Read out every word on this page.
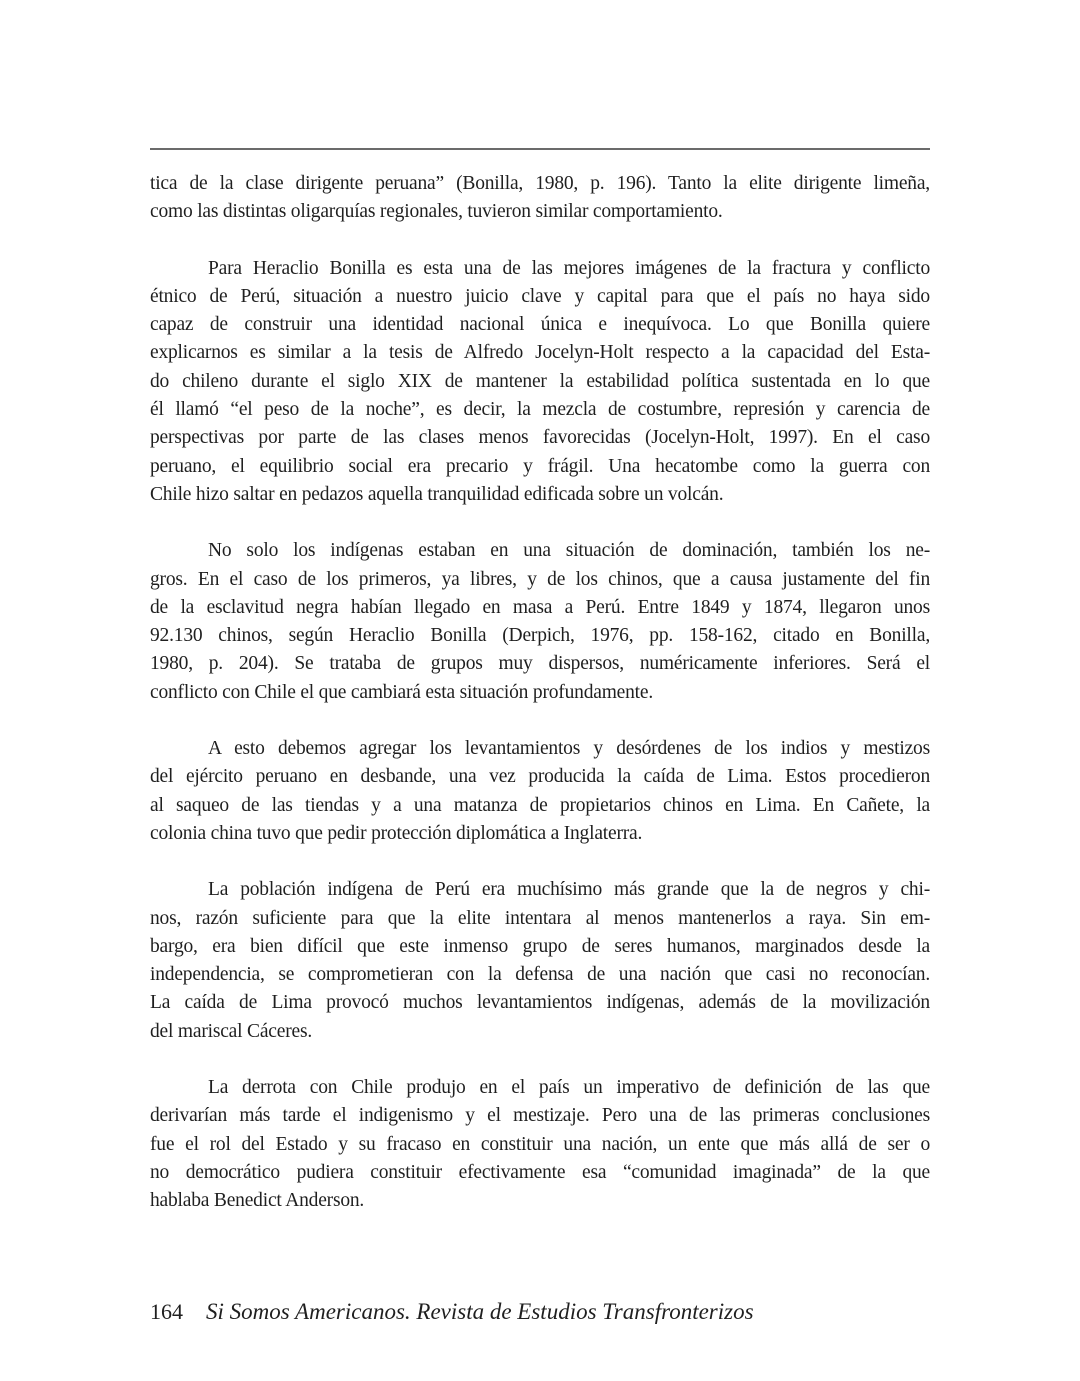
tica de la clase dirigente peruana” (Bonilla, 1980, p. 196). Tanto la elite dirigente limeña,
como las distintas oligarquías regionales, tuvieron similar comportamiento.
Para Heraclio Bonilla es esta una de las mejores imágenes de la fractura y conflicto
étnico de Perú, situación a nuestro juicio clave y capital para que el país no haya sido
capaz de construir una identidad nacional única e inequívoca. Lo que Bonilla quiere
explicarnos es similar a la tesis de Alfredo Jocelyn-Holt respecto a la capacidad del Esta-
do chileno durante el siglo XIX de mantener la estabilidad política sustentada en lo que
él llamó “el peso de la noche”, es decir, la mezcla de costumbre, represión y carencia de
perspectivas por parte de las clases menos favorecidas (Jocelyn-Holt, 1997). En el caso
peruano, el equilibrio social era precario y frágil. Una hecatombe como la guerra con
Chile hizo saltar en pedazos aquella tranquilidad edificada sobre un volcán.
No solo los indígenas estaban en una situación de dominación, también los ne-
gros. En el caso de los primeros, ya libres, y de los chinos, que a causa justamente del fin
de la esclavitud negra habían llegado en masa a Perú. Entre 1849 y 1874, llegaron unos
92.130 chinos, según Heraclio Bonilla (Derpich, 1976, pp. 158-162, citado en Bonilla,
1980, p. 204). Se trataba de grupos muy dispersos, numéricamente inferiores. Será el
conflicto con Chile el que cambiará esta situación profundamente.
A esto debemos agregar los levantamientos y desórdenes de los indios y mestizos
del ejército peruano en desbande, una vez producida la caída de Lima. Estos procedieron
al saqueo de las tiendas y a una matanza de propietarios chinos en Lima. En Cañete, la
colonia china tuvo que pedir protección diplomática a Inglaterra.
La población indígena de Perú era muchísimo más grande que la de negros y chi-
nos, razón suficiente para que la elite intentara al menos mantenerlos a raya. Sin em-
bargo, era bien difícil que este inmenso grupo de seres humanos, marginados desde la
independencia, se comprometieran con la defensa de una nación que casi no reconocían.
La caída de Lima provocó muchos levantamientos indígenas, además de la movilización
del mariscal Cáceres.
La derrota con Chile produjo en el país un imperativo de definición de las que
derivarían más tarde el indigenismo y el mestizaje. Pero una de las primeras conclusiones
fue el rol del Estado y su fracaso en constituir una nación, un ente que más allá de ser o
no democrático pudiera constituir efectivamente esa “comunidad imaginada” de la que
hablaba Benedict Anderson.
164 Si Somos Americanos. Revista de Estudios Transfronterizos
